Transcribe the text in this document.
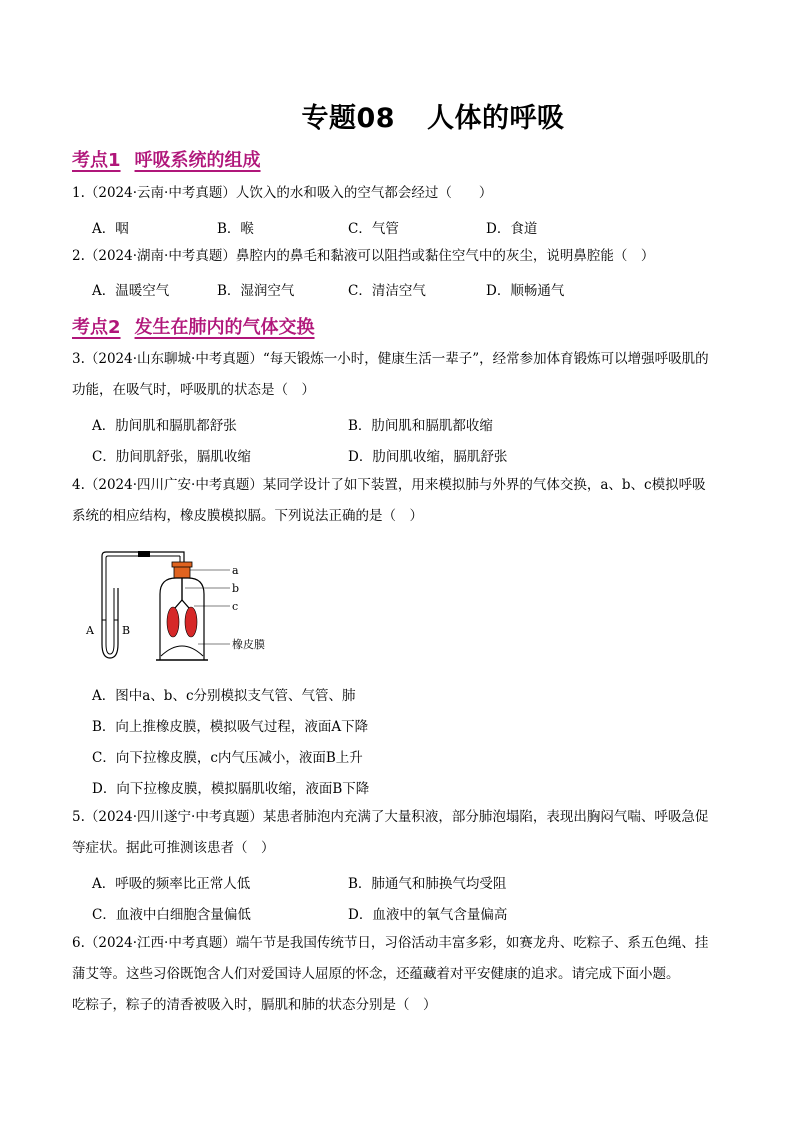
专题08 人体的呼吸
考点1 呼吸系统的组成
1.（2024·云南·中考真题）人饮入的水和吸入的空气都会经过（　　）
A．咽	B．喉	C．气管	D．食道
2.（2024·湖南·中考真题）鼻腔内的鼻毛和黏液可以阻挡或黏住空气中的灰尘，说明鼻腔能（　）
A．温暖空气	B．湿润空气	C．清洁空气	D．顺畅通气
考点2 发生在肺内的气体交换
3.（2024·山东聊城·中考真题）“每天锻炼一小时，健康生活一辈子”，经常参加体育锻炼可以增强呼吸肌的
功能，在吸气时，呼吸肌的状态是（　）
A．肋间肌和膈肌都舒张	B．肋间肌和膈肌都收缩
C．肋间肌舒张，膈肌收缩	D．肋间肌收缩，膈肌舒张
4.（2024·四川广安·中考真题）某同学设计了如下装置，用来模拟肺与外界的气体交换，a、b、c模拟呼吸
系统的相应结构，橡皮膜模拟膈。下列说法正确的是（　）
a
b
c
橡皮膜
A	B
A．图中a、b、c分别模拟支气管、气管、肺
B．向上推橡皮膜，模拟吸气过程，液面A下降
C．向下拉橡皮膜，c内气压减小，液面B上升
D．向下拉橡皮膜，模拟膈肌收缩，液面B下降
5.（2024·四川遂宁·中考真题）某患者肺泡内充满了大量积液，部分肺泡塌陷，表现出胸闷气喘、呼吸急促
等症状。据此可推测该患者（　）
A．呼吸的频率比正常人低	B．肺通气和肺换气均受阻
C．血液中白细胞含量偏低	D．血液中的氧气含量偏高
6.（2024·江西·中考真题）端午节是我国传统节日，习俗活动丰富多彩，如赛龙舟、吃粽子、系五色绳、挂
蒲艾等。这些习俗既饱含人们对爱国诗人屈原的怀念，还蕴藏着对平安健康的追求。请完成下面小题。
吃粽子，粽子的清香被吸入时，膈肌和肺的状态分别是（　）
